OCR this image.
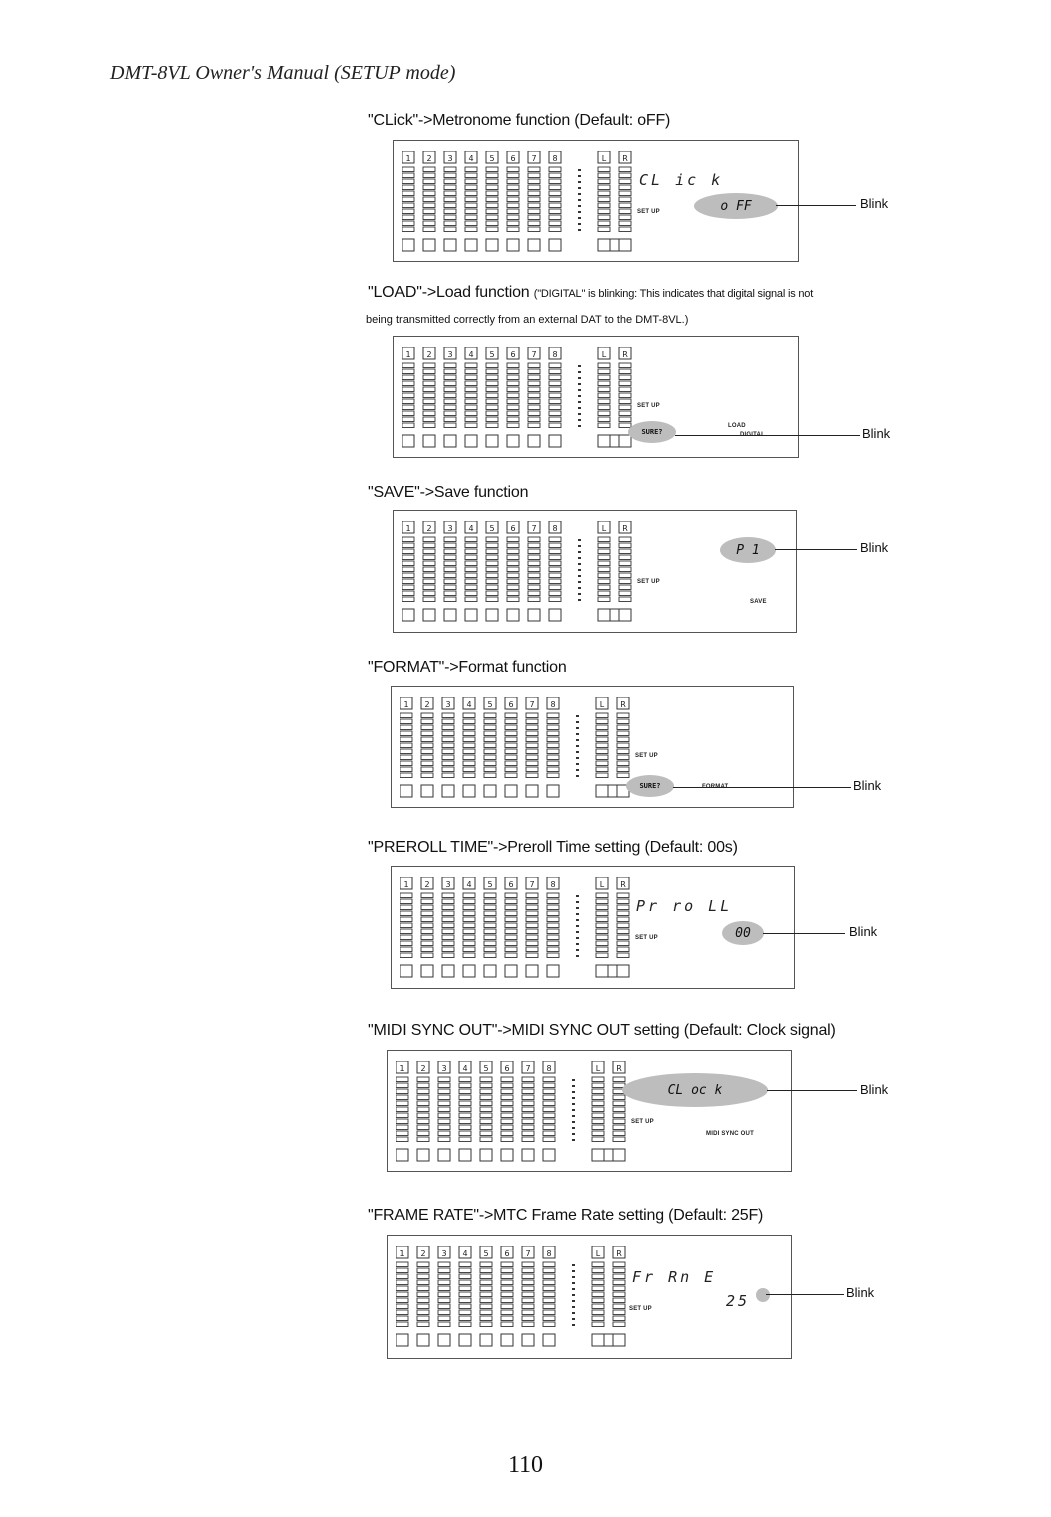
DMT-8VL Owner's Manual (SETUP mode)
"CLick"->Metronome function (Default: oFF)
1 2 3 4 5 6 7 8	L R
CL ic k
SET UP	o FF	Blink
"LOAD"->Load function ("DIGITAL" is blinking: This indicates that digital signal is not
being transmitted correctly from an external DAT to the DMT-8VL.)
1 2 3 4 5 6 7 8	L R
SET UP
SURE?
LOAD
DIGITAL	Blink
"SAVE"->Save function
1 2 3 4 5 6 7 8	L R
P 1
SET UP
SAVE
Blink
"FORMAT"->Format function
1 2 3 4 5 6 7 8	L R
SET UP
SURE?	FORMAT	Blink
"PREROLL TIME"->Preroll Time setting (Default: 00s)
1 2 3 4 5 6 7 8	L R
Pr ro LL
SET UP	00	Blink
"MIDI SYNC OUT"->MIDI SYNC OUT setting (Default: Clock signal)
1 2 3 4 5 6 7 8	L R
CL oc k
SET UP
MIDI SYNC OUT
Blink
"FRAME RATE"->MTC Frame Rate setting (Default: 25F)
1 2 3 4 5 6 7 8	L R
Fr Rn E
SET UP	25	Blink
110
